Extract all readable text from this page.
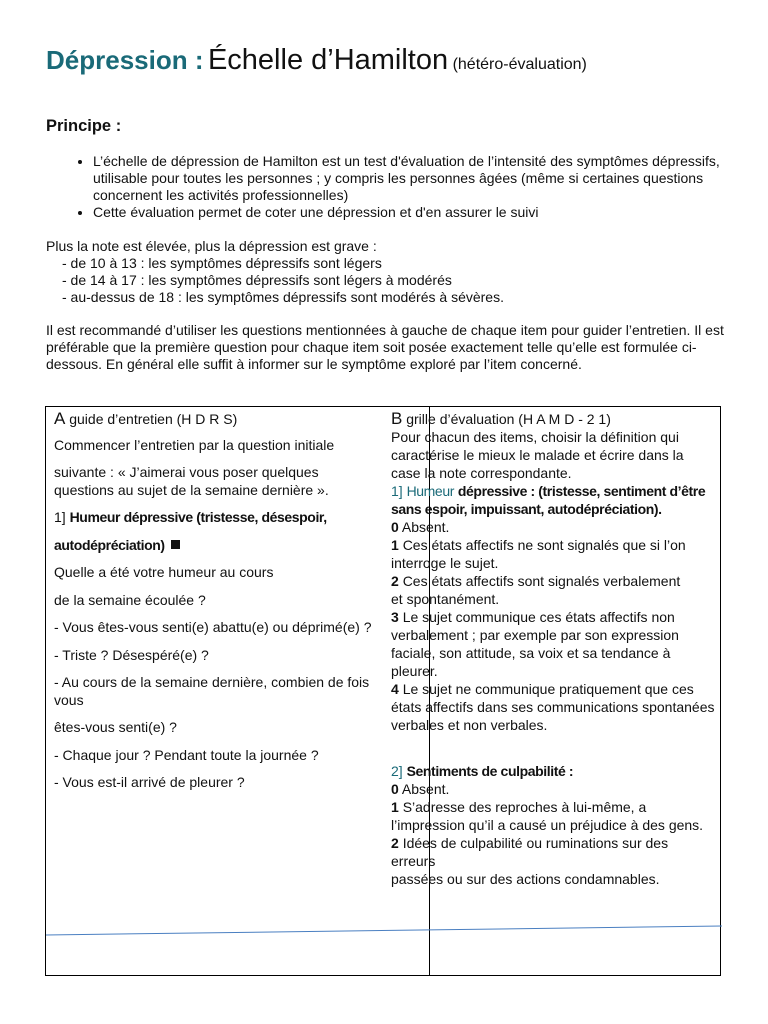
Dépression : Échelle d’Hamilton (hétéro-évaluation)
Principe :
• L’échelle de dépression de Hamilton est un test d'évaluation de l’intensité des symptômes dépressifs, utilisable pour toutes les personnes ; y compris les personnes âgées (même si certaines questions concernent les activités professionnelles)
• Cette évaluation permet de coter une dépression et d'en assurer le suivi
Plus la note est élevée, plus la dépression est grave :
- de 10 à 13 : les symptômes dépressifs sont légers
- de 14 à 17 : les symptômes dépressifs sont légers à modérés
- au-dessus de 18 : les symptômes dépressifs sont modérés à sévères.
Il est recommandé d’utiliser les questions mentionnées à gauche de chaque item pour guider l’entretien. Il est préférable que la première question pour chaque item soit posée exactement telle qu’elle est formulée ci-dessous. En général elle suffit à informer sur le symptôme exploré par l’item concerné.

A guide d’entretien (H D R S)

Commencer l’entretien par la question initiale

suivante : « J’aimerai vous poser quelques questions au sujet de la semaine dernière ».

1] Humeur dépressive (tristesse, désespoir,

autodépréciation)

Quelle a été votre humeur au cours

de la semaine écoulée ?

- Vous êtes-vous senti(e) abattu(e) ou déprimé(e) ?

- Triste ? Désespéré(e) ?

- Au cours de la semaine dernière, combien de fois vous

êtes-vous senti(e) ?

- Chaque jour ? Pendant toute la journée ?

- Vous est-il arrivé de pleurer ?

B grille d’évaluation (H A M D - 2 1)

Pour chacun des items, choisir la définition qui caractérise le mieux le malade et écrire dans la case la note correspondante.

1] Humeur dépressive : (tristesse, sentiment d’être sans espoir, impuissant, autodépréciation).

0 Absent.

1 Ces états affectifs ne sont signalés que si l’on

interroge le sujet.

2 Ces états affectifs sont signalés verbalement

et spontanément.

3 Le sujet communique ces états affectifs non verbalement ; par exemple par son expression faciale, son attitude, sa voix et sa tendance à pleurer.

4 Le sujet ne communique pratiquement que ces états affectifs dans ses communications spontanées verbales et non verbales.

2] Sentiments de culpabilité :

0 Absent.

1 S’adresse des reproches à lui-même, a l’impression qu’il a causé un préjudice à des gens.

2 Idées de culpabilité ou ruminations sur des erreurs

passées ou sur des actions condamnables.
